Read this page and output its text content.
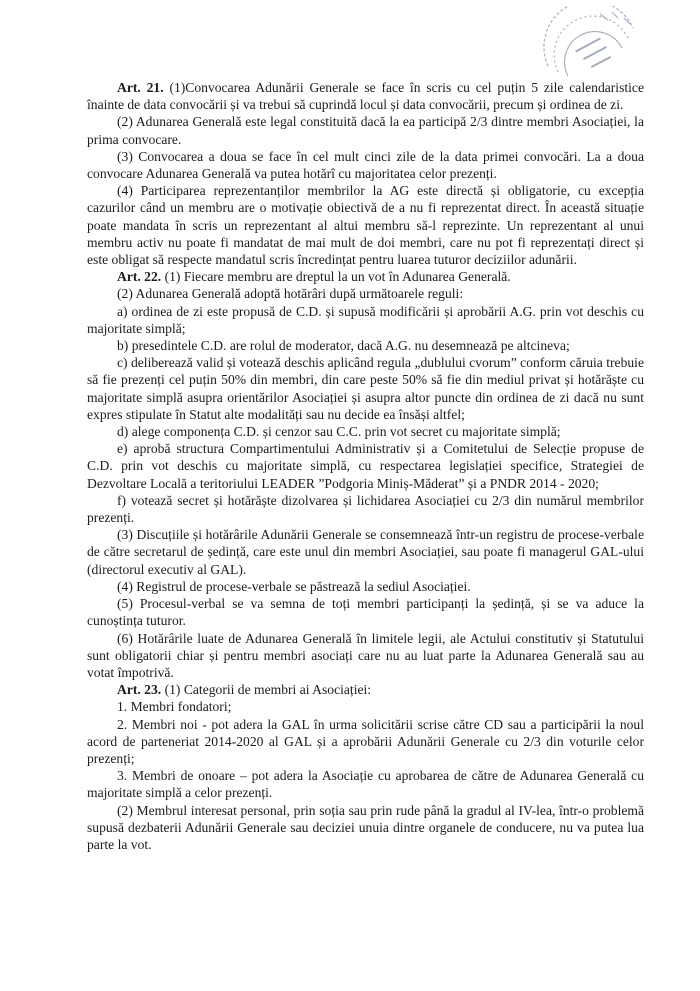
Art. 21. (1)Convocarea Adunării Generale se face în scris cu cel puțin 5 zile calendaristice înainte de data convocării și va trebui să cuprindă locul și data convocării, precum și ordinea de zi.

(2) Adunarea Generală este legal constituită dacă la ea participă 2/3 dintre membri Asociației, la prima convocare.

(3) Convocarea a doua se face în cel mult cinci zile de la data primei convocări. La a doua convocare Adunarea Generală va putea hotărî cu majoritatea celor prezenți.

(4) Participarea reprezentanților membrilor la AG este directă și obligatorie, cu excepția cazurilor când un membru are o motivație obiectivă de a nu fi reprezentat direct. În această situație poate mandata în scris un reprezentant al altui membru să-l reprezinte. Un reprezentant al unui membru activ nu poate fi mandatat de mai mult de doi membri, care nu pot fi reprezentați direct și este obligat să respecte mandatul scris încredințat pentru luarea tuturor deciziilor adunării.

Art. 22. (1) Fiecare membru are dreptul la un vot în Adunarea Generală.

(2) Adunarea Generală adoptă hotărâri după următoarele reguli:

a) ordinea de zi este propusă de C.D. și supusă modificării și aprobării A.G. prin vot deschis cu majoritate simplă;

b) presedintele C.D. are rolul de moderator, dacă A.G. nu desemnează pe altcineva;

c) deliberează valid și votează deschis aplicând regula „dublului cvorum” conform căruia trebuie să fie prezenți cel puțin 50% din membri, din care peste 50% să fie din mediul privat și hotărăște cu majoritate simplă asupra orientărilor Asociației și asupra altor puncte din ordinea de zi dacă nu sunt expres stipulate în Statut alte modalități sau nu decide ea însăși altfel;

d) alege componența C.D. și cenzor sau C.C. prin vot secret cu majoritate simplă;

e) aprobă structura Compartimentului Administrativ și a Comitetului de Selecție propuse de C.D. prin vot deschis cu majoritate simplă, cu respectarea legislației specifice, Strategiei de Dezvoltare Locală a teritoriului LEADER ”Podgoria Miniș-Măderat” și a PNDR 2014 - 2020;

f) votează secret și hotărăște dizolvarea și lichidarea Asociației cu 2/3 din numărul membrilor prezenți.

(3) Discuțiile și hotărârile Adunării Generale se consemnează într-un registru de procese-verbale de către secretarul de ședință, care este unul din membri Asociației, sau poate fi managerul GAL-ului (directorul executiv al GAL).

(4) Registrul de procese-verbale se păstrează la sediul Asociației.

(5) Procesul-verbal se va semna de toți membri participanți la ședință, și se va aduce la cunoștința tuturor.

(6) Hotărârile luate de Adunarea Generală în limitele legii, ale Actului constitutiv și Statutului sunt obligatorii chiar și pentru membri asociați care nu au luat parte la Adunarea Generală sau au votat împotrivă.

Art. 23. (1) Categorii de membri ai Asociației:

1. Membri fondatori;

2. Membri noi - pot adera la GAL în urma solicitării scrise către CD sau a participării la noul acord de parteneriat 2014-2020 al GAL și a aprobării Adunării Generale cu 2/3 din voturile celor prezenți;

3. Membri de onoare – pot adera la Asociație cu aprobarea de către de Adunarea Generală cu majoritate simplă a celor prezenți.

(2) Membrul interesat personal, prin soția sau prin rude până la gradul al IV-lea, într-o problemă supusă dezbaterii Adunării Generale sau deciziei unuia dintre organele de conducere, nu va putea lua parte la vot.
